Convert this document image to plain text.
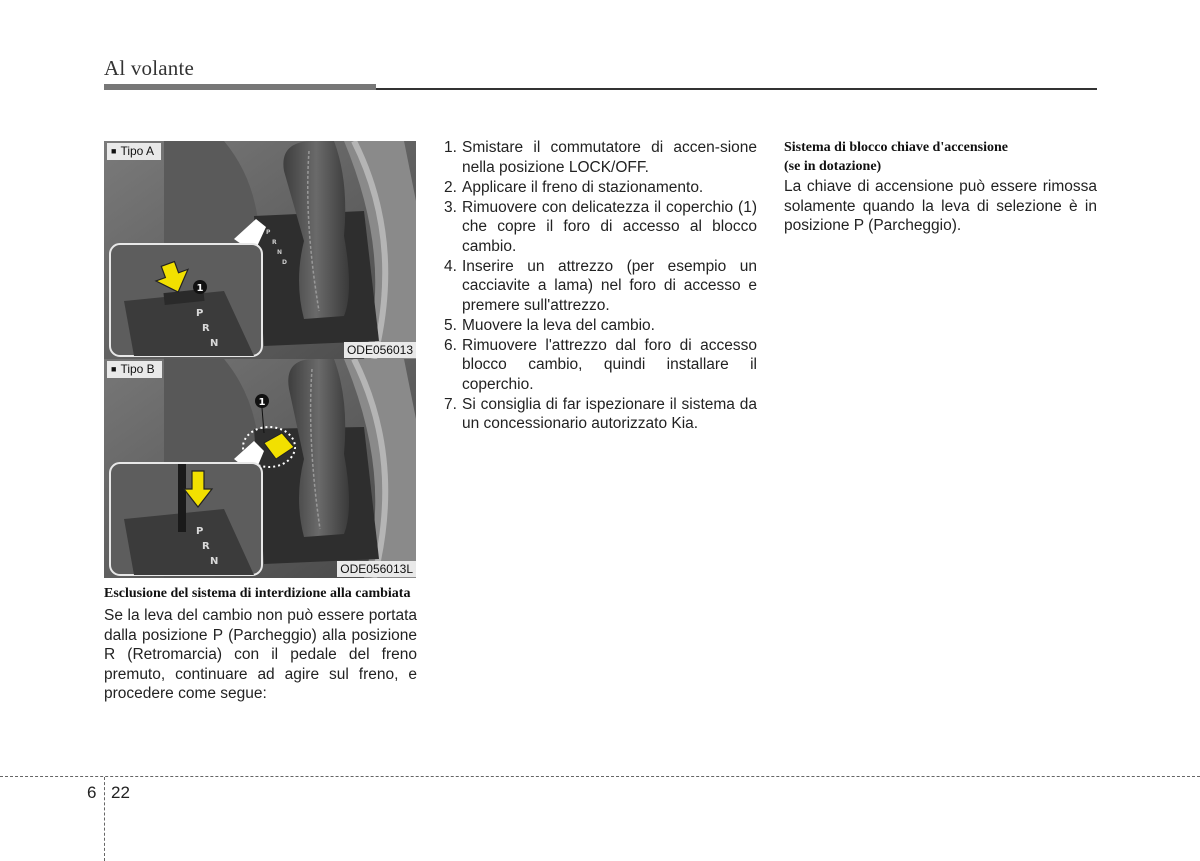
Al volante
P
R
N
D
P
R
N
1
■ Tipo A
ODE056013
1
P
R
N
■ Tipo B
ODE056013L
Esclusione del sistema di interdizione alla cambiata
Se la leva del cambio non può essere portata dalla posizione P (Parcheggio) alla posizione R (Retromarcia) con il pedale del freno premuto, continuare ad agire sul freno, e procedere come segue:
1. Smistare il commutatore di accen-sione nella posizione LOCK/OFF.
2. Applicare il freno di stazionamento.
3. Rimuovere con delicatezza il coperchio (1) che copre il foro di accesso al blocco cambio.
4. Inserire un attrezzo (per esempio un cacciavite a lama) nel foro di accesso e premere sull'attrezzo.
5. Muovere la leva del cambio.
6. Rimuovere l'attrezzo dal foro di accesso blocco cambio, quindi installare il coperchio.
7. Si consiglia di far ispezionare il sistema da un concessionario autorizzato Kia.
Sistema di blocco chiave d'accensione
(se in dotazione)
La chiave di accensione può essere rimossa solamente quando la leva di selezione è in posizione P (Parcheggio).
6 22
